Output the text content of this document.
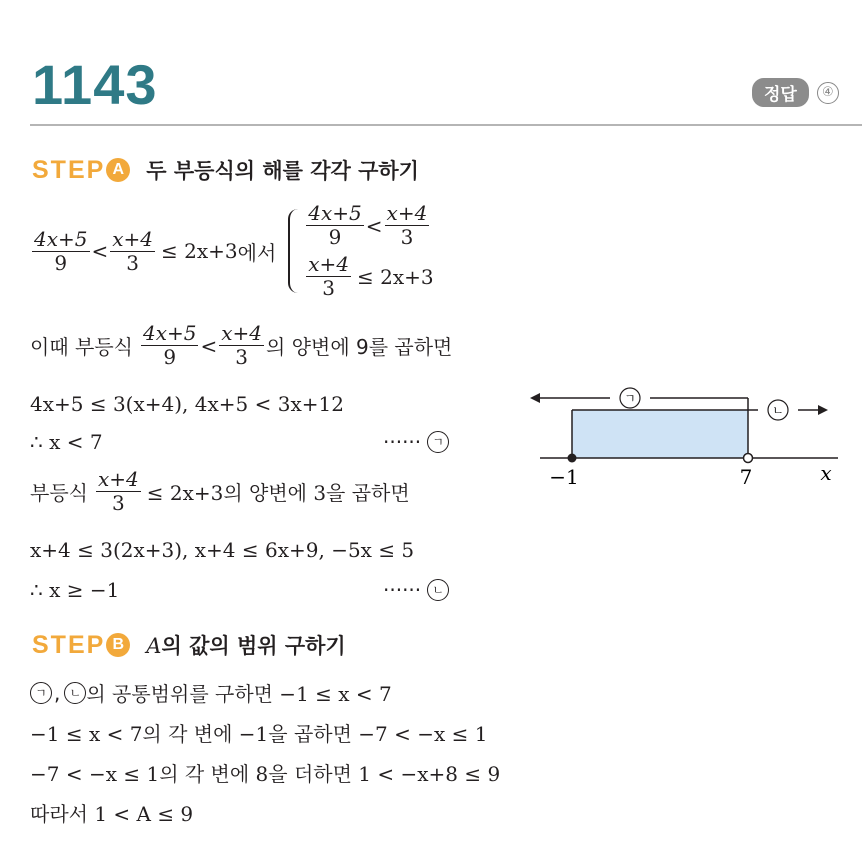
1143	정답	④
STEP A 두 부등식의 해를 각각 구하기
$\frac{4x+5}{9} < \frac{x+4}{3} \le 2x+3$ 에서
$\frac{4x+5}{9} < \frac{x+4}{3}$
$\frac{x+4}{3} \le 2x+3$
이때 부등식 $\frac{4x+5}{9} < \frac{x+4}{3}$ 의 양변에 9를 곱하면
4x+5 ≤ 3(x+4), 4x+5 < 3x+12
∴ x < 7	······ ㄱ
부등식 $\frac{x+4}{3} \le 2x+3$의 양변에 3을 곱하면
x+4 ≤ 3(2x+3), x+4 ≤ 6x+9, −5x ≤ 5
∴ x ≥ −1	······ ㄴ
ㄱ
ㄴ
−1	7	x
STEP B A의 값의 범위 구하기
ㄱ , ㄴ 의 공통범위를 구하면 −1 ≤ x < 7
−1 ≤ x < 7의 각 변에 −1을 곱하면 −7 < −x ≤ 1
−7 < −x ≤ 1의 각 변에 8을 더하면 1 < −x+8 ≤ 9
따라서 1 < A ≤ 9
